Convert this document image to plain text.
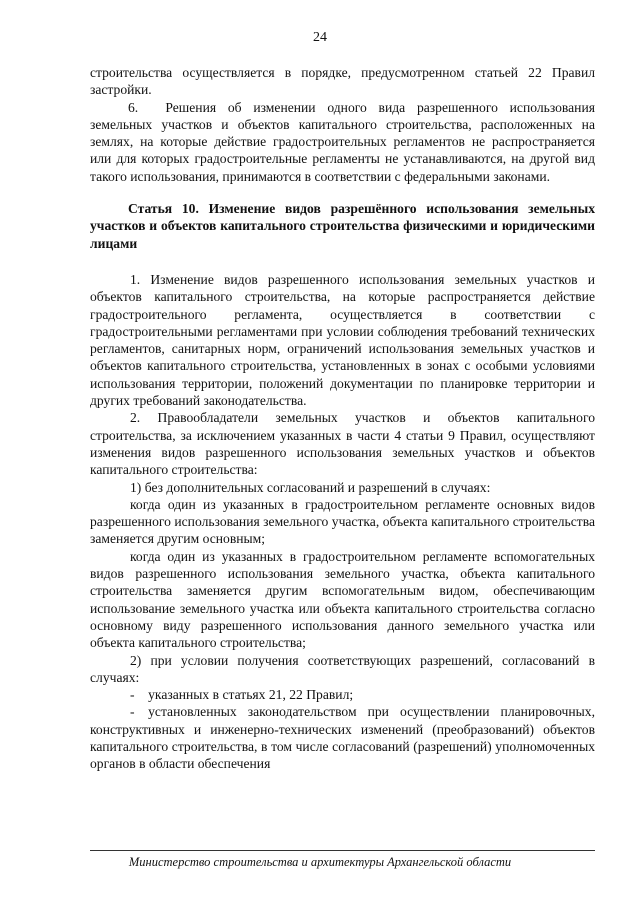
24

строительства осуществляется в порядке, предусмотренном статьей 22 Правил застройки.

6.  Решения об изменении одного вида разрешенного использования земельных участков и объектов капитального строительства, расположенных на землях, на которые действие градостроительных регламентов не распространяется или для которых градостроительные регламенты не устанавливаются, на другой вид такого использования, принимаются в соответствии с федеральными законами.

Статья 10. Изменение видов разрешённого использования земельных участков и объектов капитального строительства физическими и юридическими лицами

1. Изменение видов разрешенного использования земельных участков и объектов капитального строительства, на которые распространяется действие градостроительного регламента, осуществляется в соответствии с градостроительными регламентами при условии соблюдения требований технических регламентов, санитарных норм, ограничений использования земельных участков и объектов капитального строительства, установленных в зонах с особыми условиями использования территории, положений документации по планировке территории и других требований законодательства.

2. Правообладатели земельных участков и объектов капитального строительства, за исключением указанных в части 4 статьи 9 Правил, осуществляют изменения видов разрешенного использования земельных участков и объектов капитального строительства:

1) без дополнительных согласований и разрешений в случаях:

когда один из указанных в градостроительном регламенте основных видов разрешенного использования земельного участка, объекта капитального строительства заменяется другим основным;

когда один из указанных в градостроительном регламенте вспомогательных видов разрешенного использования земельного участка, объекта капитального строительства заменяется другим вспомогательным видом, обеспечивающим использование земельного участка или объекта капитального строительства согласно основному виду разрешенного использования данного земельного участка или объекта капитального строительства;

2) при условии получения соответствующих разрешений, согласований в случаях:

- указанных в статьях 21, 22 Правил;

- установленных законодательством при осуществлении планировочных, конструктивных и инженерно-технических изменений (преобразований) объектов капитального строительства, в том числе согласований (разрешений) уполномоченных органов в области обеспечения

Министерство строительства и архитектуры Архангельской области
